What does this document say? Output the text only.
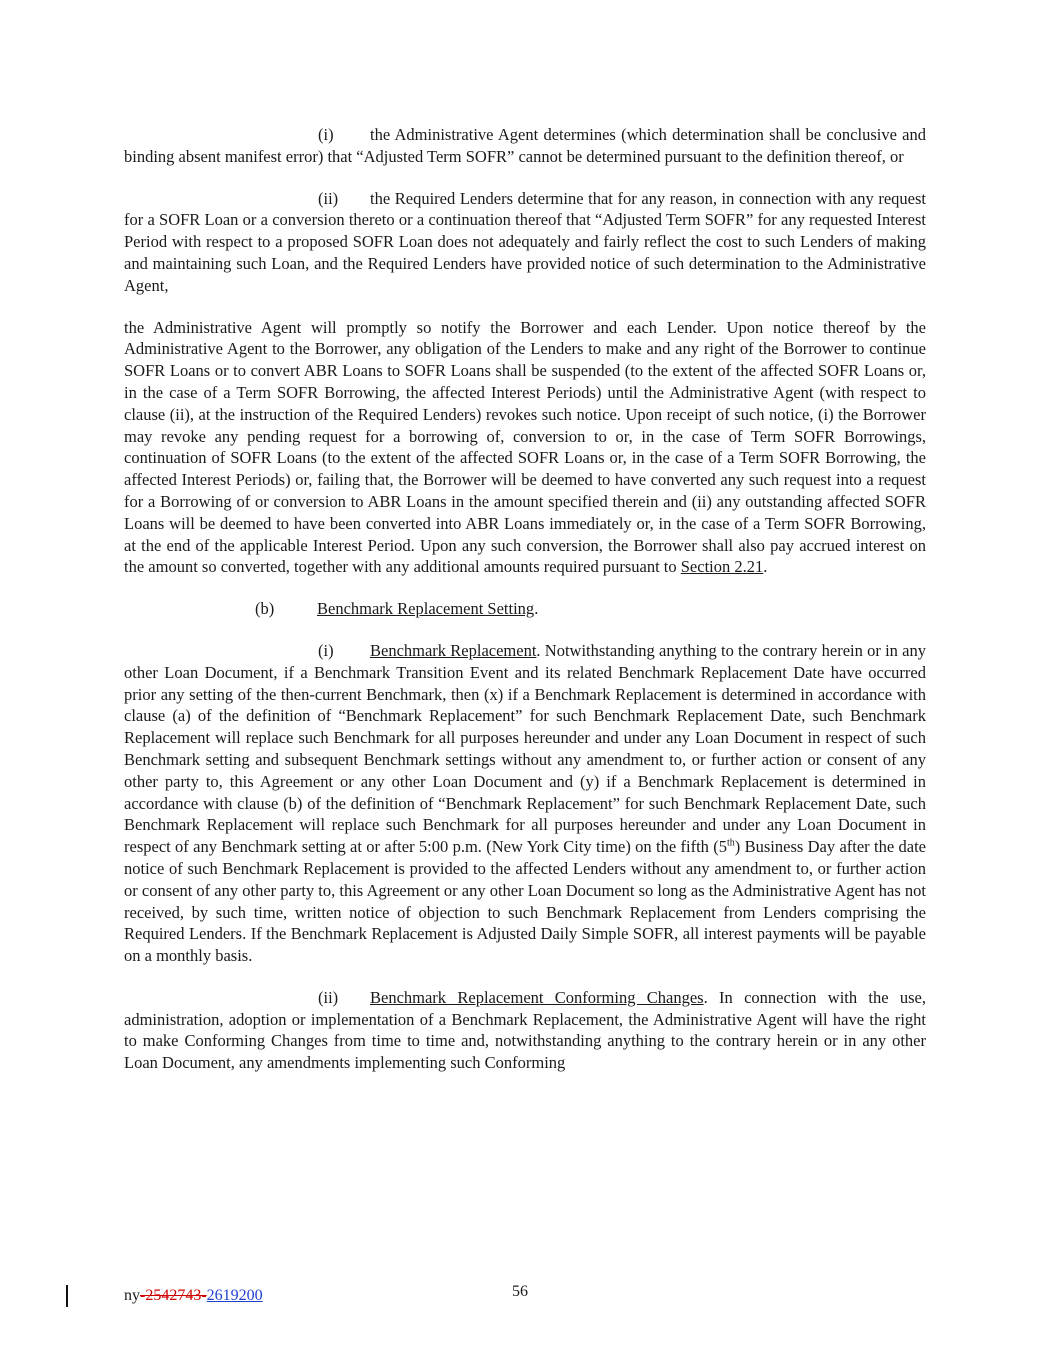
(i) the Administrative Agent determines (which determination shall be conclusive and binding absent manifest error) that “Adjusted Term SOFR” cannot be determined pursuant to the definition thereof, or

(ii) the Required Lenders determine that for any reason, in connection with any request for a SOFR Loan or a conversion thereto or a continuation thereof that “Adjusted Term SOFR” for any requested Interest Period with respect to a proposed SOFR Loan does not adequately and fairly reflect the cost to such Lenders of making and maintaining such Loan, and the Required Lenders have provided notice of such determination to the Administrative Agent,

the Administrative Agent will promptly so notify the Borrower and each Lender. Upon notice thereof by the Administrative Agent to the Borrower, any obligation of the Lenders to make and any right of the Borrower to continue SOFR Loans or to convert ABR Loans to SOFR Loans shall be suspended (to the extent of the affected SOFR Loans or, in the case of a Term SOFR Borrowing, the affected Interest Periods) until the Administrative Agent (with respect to clause (ii), at the instruction of the Required Lenders) revokes such notice. Upon receipt of such notice, (i) the Borrower may revoke any pending request for a borrowing of, conversion to or, in the case of Term SOFR Borrowings, continuation of SOFR Loans (to the extent of the affected SOFR Loans or, in the case of a Term SOFR Borrowing, the affected Interest Periods) or, failing that, the Borrower will be deemed to have converted any such request into a request for a Borrowing of or conversion to ABR Loans in the amount specified therein and (ii) any outstanding affected SOFR Loans will be deemed to have been converted into ABR Loans immediately or, in the case of a Term SOFR Borrowing, at the end of the applicable Interest Period. Upon any such conversion, the Borrower shall also pay accrued interest on the amount so converted, together with any additional amounts required pursuant to Section 2.21.

(b)	Benchmark Replacement Setting.

(i) Benchmark Replacement. Notwithstanding anything to the contrary herein or in any other Loan Document, if a Benchmark Transition Event and its related Benchmark Replacement Date have occurred prior any setting of the then-current Benchmark, then (x) if a Benchmark Replacement is determined in accordance with clause (a) of the definition of “Benchmark Replacement” for such Benchmark Replacement Date, such Benchmark Replacement will replace such Benchmark for all purposes hereunder and under any Loan Document in respect of such Benchmark setting and subsequent Benchmark settings without any amendment to, or further action or consent of any other party to, this Agreement or any other Loan Document and (y) if a Benchmark Replacement is determined in accordance with clause (b) of the definition of “Benchmark Replacement” for such Benchmark Replacement Date, such Benchmark Replacement will replace such Benchmark for all purposes hereunder and under any Loan Document in respect of any Benchmark setting at or after 5:00 p.m. (New York City time) on the fifth (5th) Business Day after the date notice of such Benchmark Replacement is provided to the affected Lenders without any amendment to, or further action or consent of any other party to, this Agreement or any other Loan Document so long as the Administrative Agent has not received, by such time, written notice of objection to such Benchmark Replacement from Lenders comprising the Required Lenders. If the Benchmark Replacement is Adjusted Daily Simple SOFR, all interest payments will be payable on a monthly basis.

(ii) Benchmark Replacement Conforming Changes. In connection with the use, administration, adoption or implementation of a Benchmark Replacement, the Administrative Agent will have the right to make Conforming Changes from time to time and, notwithstanding anything to the contrary herein or in any other Loan Document, any amendments implementing such Conforming

ny-2542743-2619200	56
